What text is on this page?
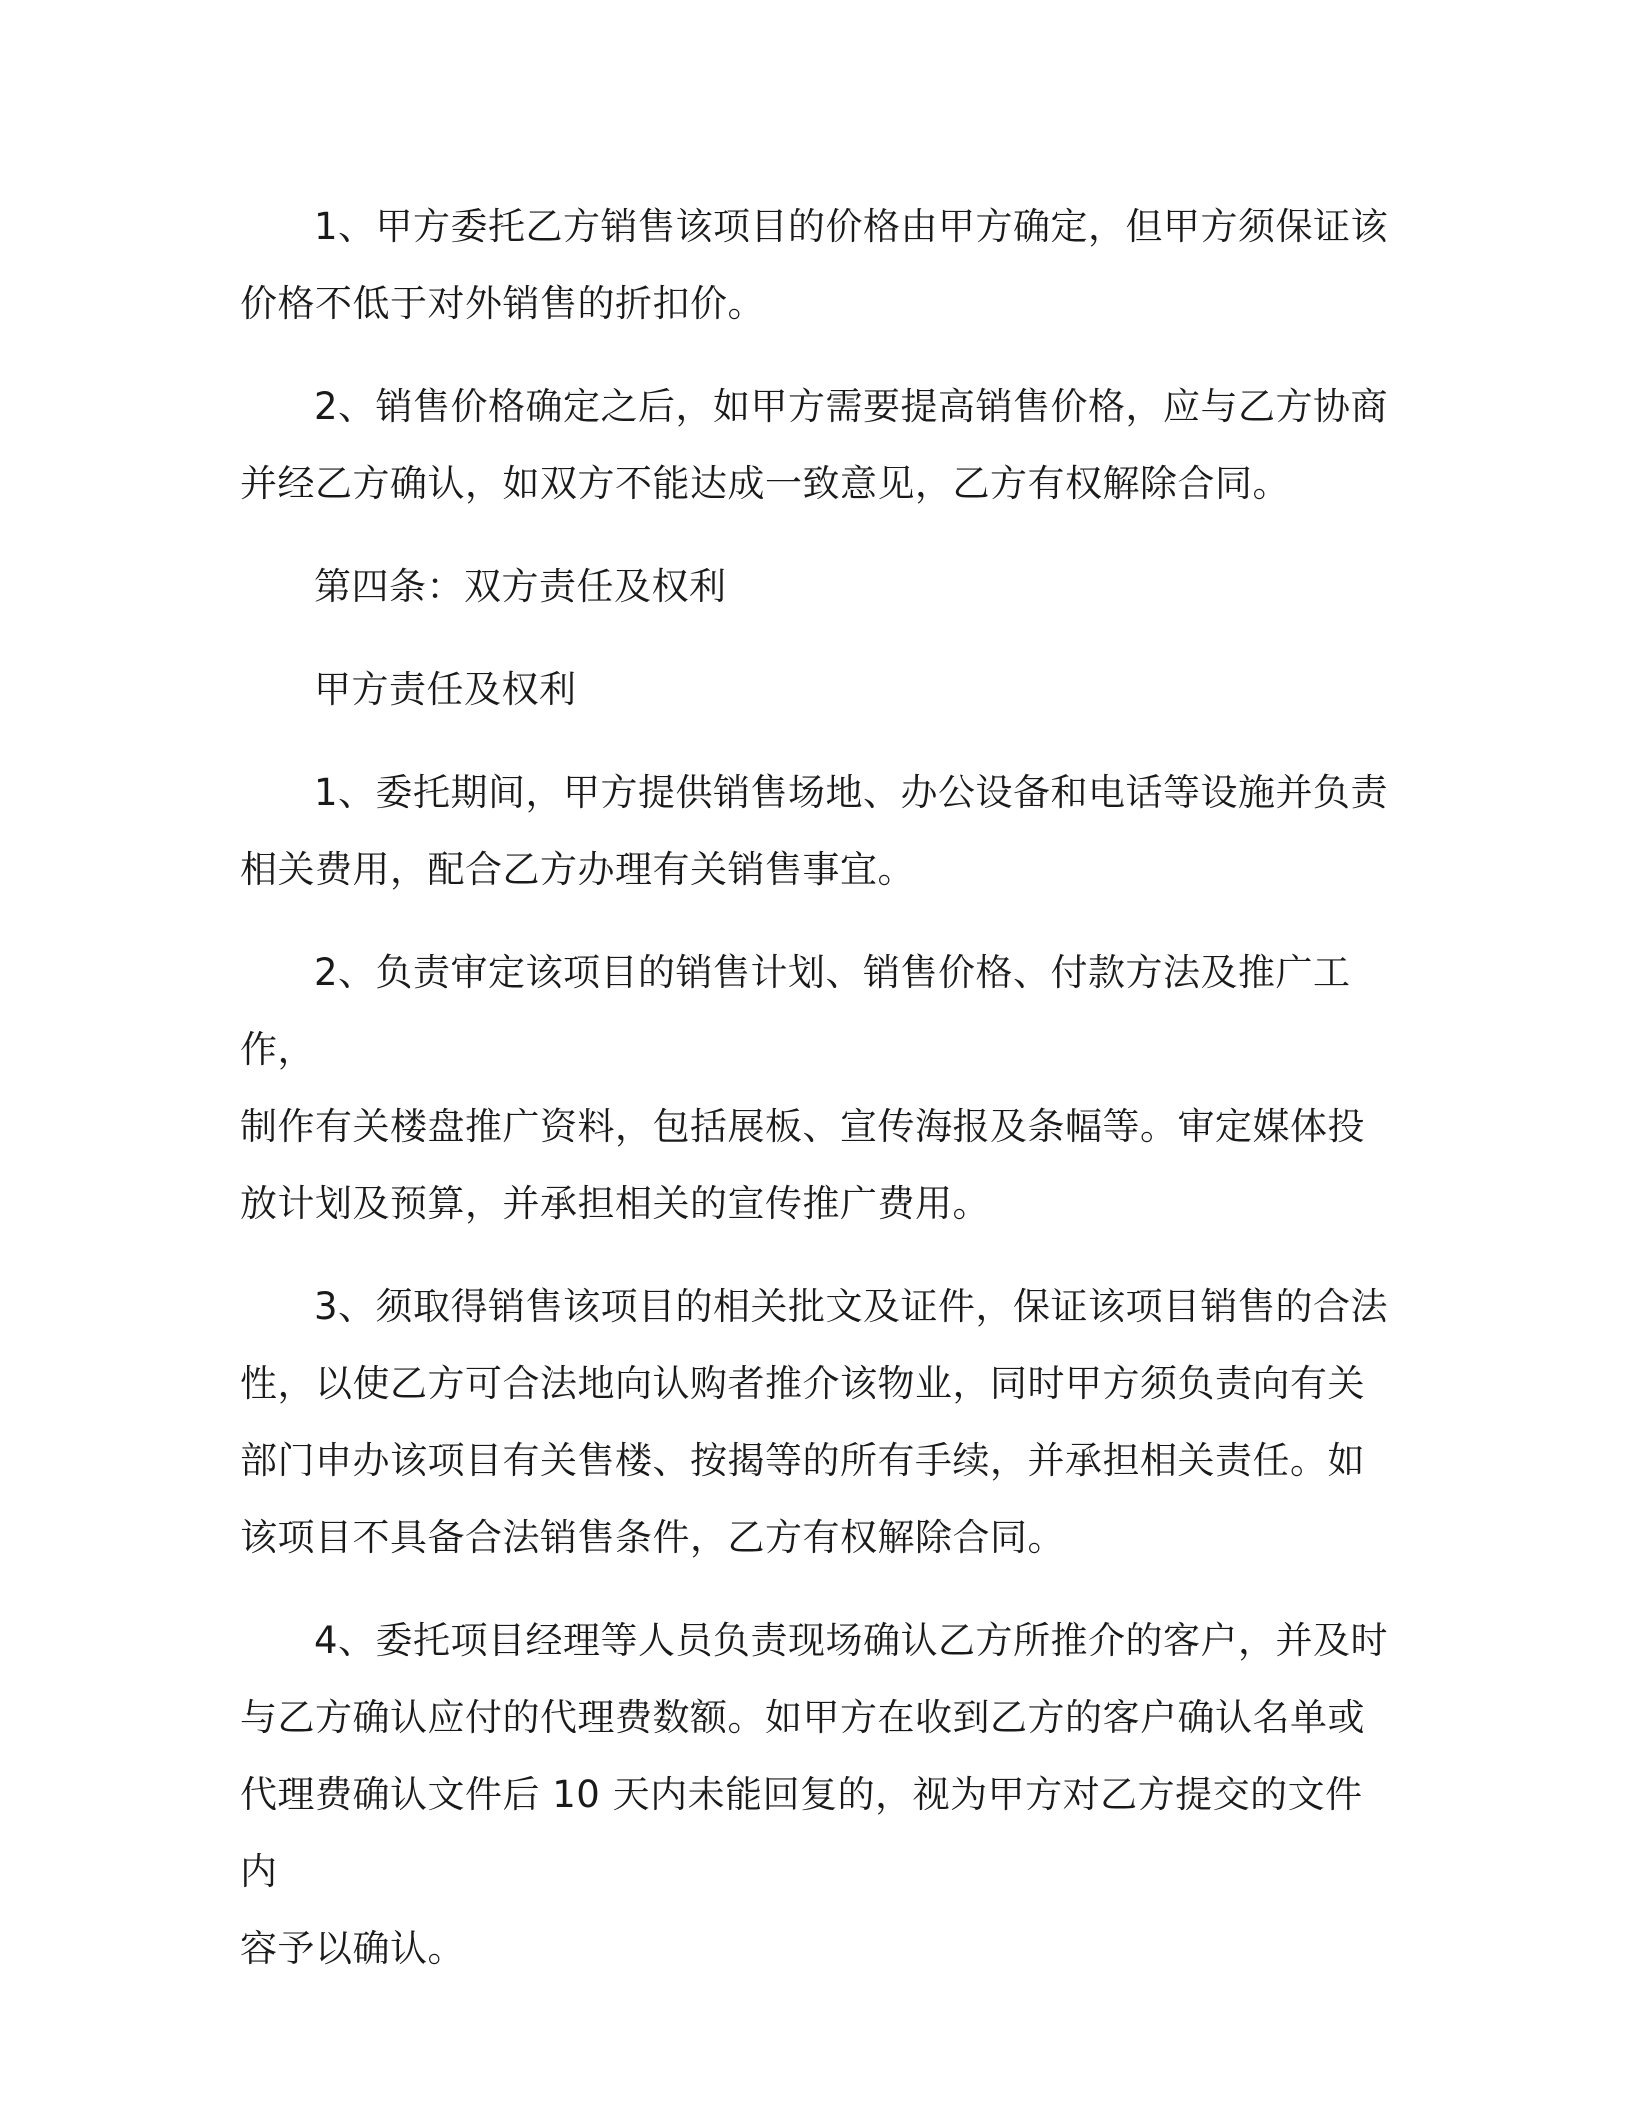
1、甲方委托乙方销售该项目的价格由甲方确定，但甲方须保证该
价格不低于对外销售的折扣价。

2、销售价格确定之后，如甲方需要提高销售价格，应与乙方协商
并经乙方确认，如双方不能达成一致意见，乙方有权解除合同。

第四条：双方责任及权利

甲方责任及权利

1、委托期间，甲方提供销售场地、办公设备和电话等设施并负责
相关费用，配合乙方办理有关销售事宜。

2、负责审定该项目的销售计划、销售价格、付款方法及推广工作，
制作有关楼盘推广资料，包括展板、宣传海报及条幅等。审定媒体投
放计划及预算，并承担相关的宣传推广费用。

3、须取得销售该项目的相关批文及证件，保证该项目销售的合法
性，以使乙方可合法地向认购者推介该物业，同时甲方须负责向有关
部门申办该项目有关售楼、按揭等的所有手续，并承担相关责任。如
该项目不具备合法销售条件，乙方有权解除合同。

4、委托项目经理等人员负责现场确认乙方所推介的客户，并及时
与乙方确认应付的代理费数额。如甲方在收到乙方的客户确认名单或
代理费确认文件后 10 天内未能回复的，视为甲方对乙方提交的文件内
容予以确认。
